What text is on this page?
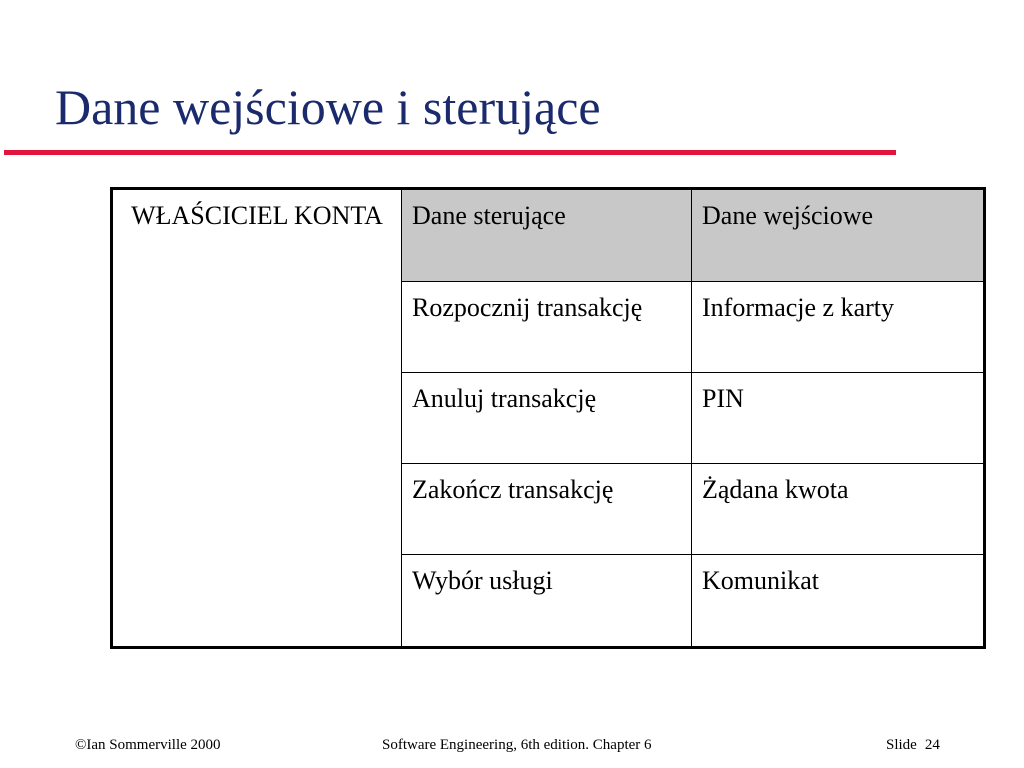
Dane wejściowe i sterujące
WŁAŚCICIEL KONTA	Dane sterujące	Dane wejściowe
	Rozpocznij transakcję	Informacje z karty
	Anuluj transakcję	PIN
	Zakończ transakcję	Żądana kwota
	Wybór usługi	Komunikat
©Ian Sommerville 2000	Software Engineering, 6th edition. Chapter 6	Slide 24
